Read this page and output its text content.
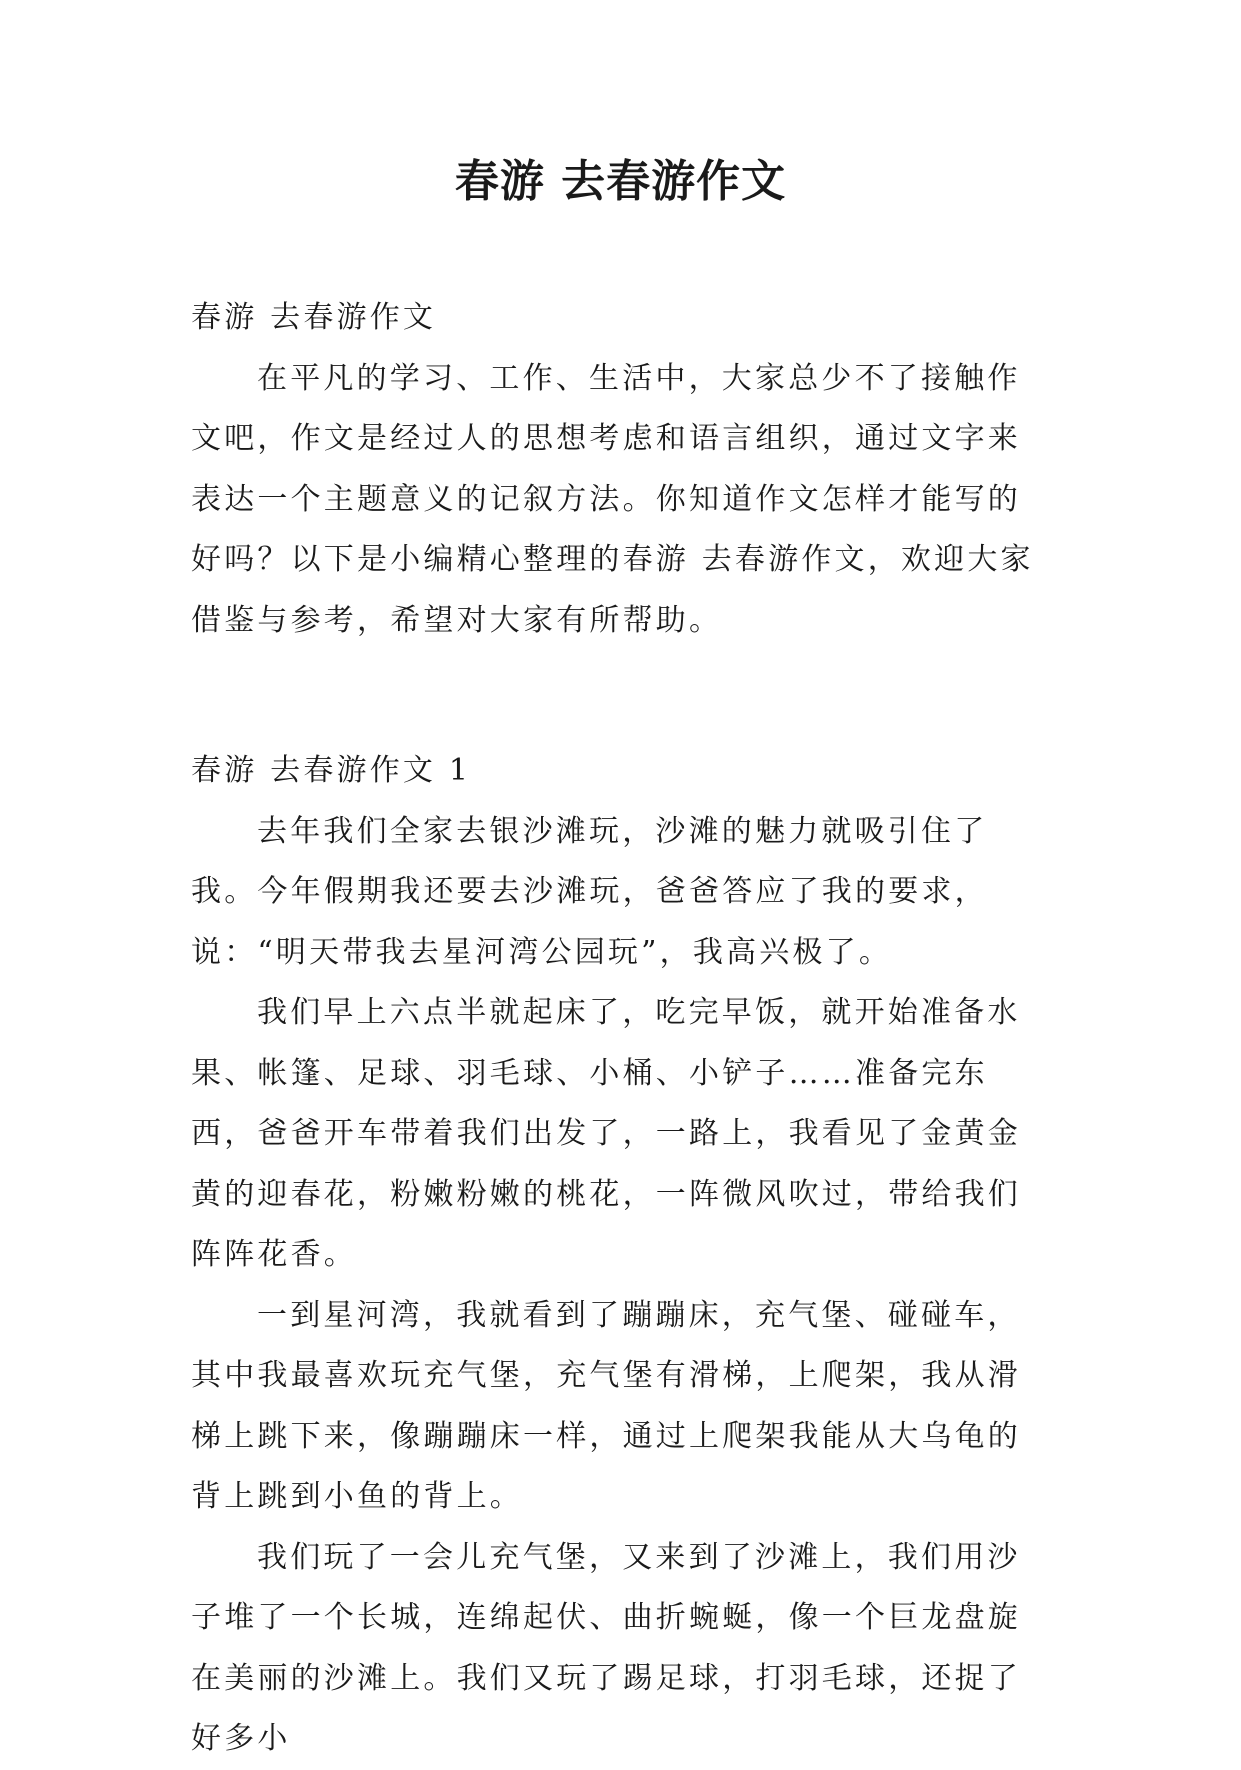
春游 去春游作文

春游 去春游作文

在平凡的学习、工作、生活中，大家总少不了接触作文吧，作文是经过人的思想考虑和语言组织，通过文字来表达一个主题意义的记叙方法。你知道作文怎样才能写的好吗？以下是小编精心整理的春游 去春游作文，欢迎大家借鉴与参考，希望对大家有所帮助。

春游 去春游作文 1

去年我们全家去银沙滩玩，沙滩的魅力就吸引住了我。今年假期我还要去沙滩玩，爸爸答应了我的要求，说：“明天带我去星河湾公园玩”，我高兴极了。

我们早上六点半就起床了，吃完早饭，就开始准备水果、帐篷、足球、羽毛球、小桶、小铲子……准备完东西，爸爸开车带着我们出发了，一路上，我看见了金黄金黄的迎春花，粉嫩粉嫩的桃花，一阵微风吹过，带给我们阵阵花香。

一到星河湾，我就看到了蹦蹦床，充气堡、碰碰车，其中我最喜欢玩充气堡，充气堡有滑梯，上爬架，我从滑梯上跳下来，像蹦蹦床一样，通过上爬架我能从大乌龟的背上跳到小鱼的背上。

我们玩了一会儿充气堡，又来到了沙滩上，我们用沙子堆了一个长城，连绵起伏、曲折蜿蜒，像一个巨龙盘旋在美丽的沙滩上。我们又玩了踢足球，打羽毛球，还捉了好多小
